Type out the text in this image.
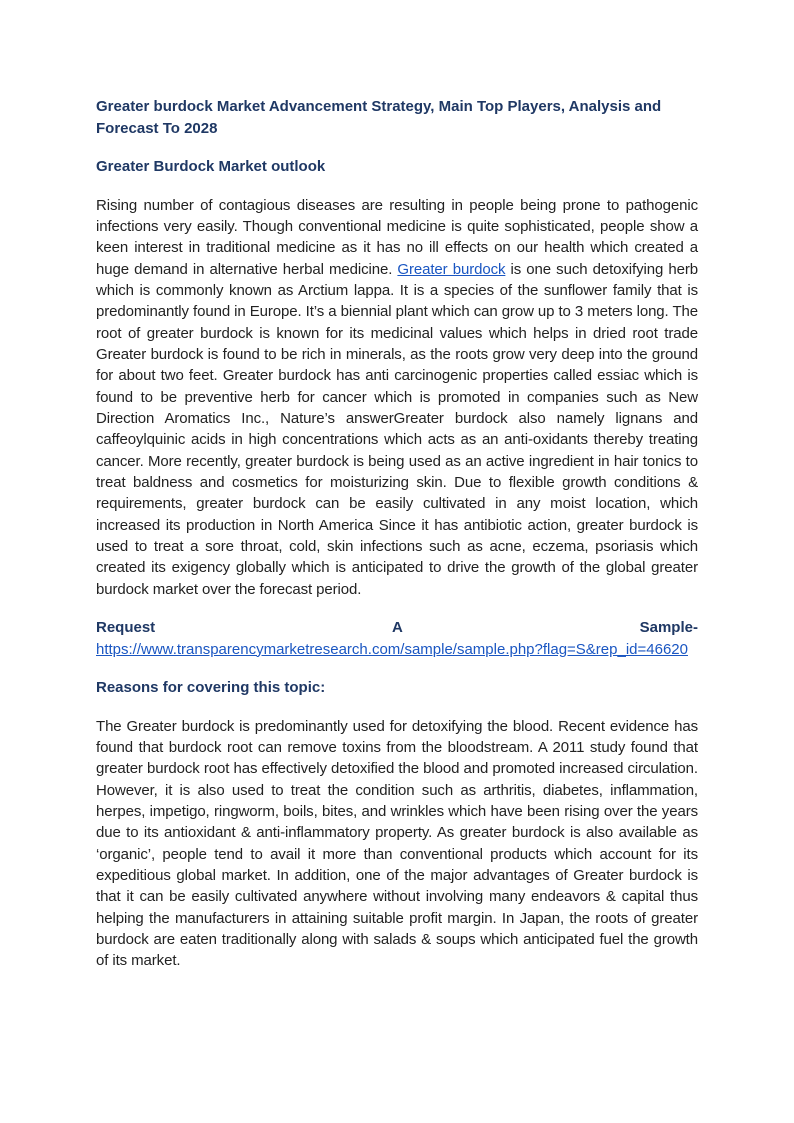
Greater burdock Market Advancement Strategy, Main Top Players, Analysis and Forecast To 2028
Greater Burdock Market outlook

Rising number of contagious diseases are resulting in people being prone to pathogenic infections very easily. Though conventional medicine is quite sophisticated, people show a keen interest in traditional medicine as it has no ill effects on our health which created a huge demand in alternative herbal medicine. Greater burdock is one such detoxifying herb which is commonly known as Arctium lappa. It is a species of the sunflower family that is predominantly found in Europe. It’s a biennial plant which can grow up to 3 meters long. The root of greater burdock is known for its medicinal values which helps in dried root trade Greater burdock is found to be rich in minerals, as the roots grow very deep into the ground for about two feet. Greater burdock has anti carcinogenic properties called essiac which is found to be preventive herb for cancer which is promoted in companies such as New Direction Aromatics Inc., Nature’s answerGreater burdock also namely lignans and caffeoylquinic acids in high concentrations which acts as an anti-oxidants thereby treating cancer. More recently, greater burdock is being used as an active ingredient in hair tonics to treat baldness and cosmetics for moisturizing skin. Due to flexible growth conditions & requirements, greater burdock can be easily cultivated in any moist location, which increased its production in North America Since it has antibiotic action, greater burdock is used to treat a sore throat, cold, skin infections such as acne, eczema, psoriasis which created its exigency globally which is anticipated to drive the growth of the global greater burdock market over the forecast period.

Request	A	Sample-
https://www.transparencymarketresearch.com/sample/sample.php?flag=S&rep_id=46620
Reasons for covering this topic:

The Greater burdock is predominantly used for detoxifying the blood. Recent evidence has found that burdock root can remove toxins from the bloodstream. A 2011 study found that greater burdock root has effectively detoxified the blood and promoted increased circulation. However, it is also used to treat the condition such as arthritis, diabetes, inflammation, herpes, impetigo, ringworm, boils, bites, and wrinkles which have been rising over the years due to its antioxidant & anti-inflammatory property. As greater burdock is also available as ‘organic’, people tend to avail it more than conventional products which account for its expeditious global market. In addition, one of the major advantages of Greater burdock is that it can be easily cultivated anywhere without involving many endeavors & capital thus helping the manufacturers in attaining suitable profit margin. In Japan, the roots of greater burdock are eaten traditionally along with salads & soups which anticipated fuel the growth of its market.
